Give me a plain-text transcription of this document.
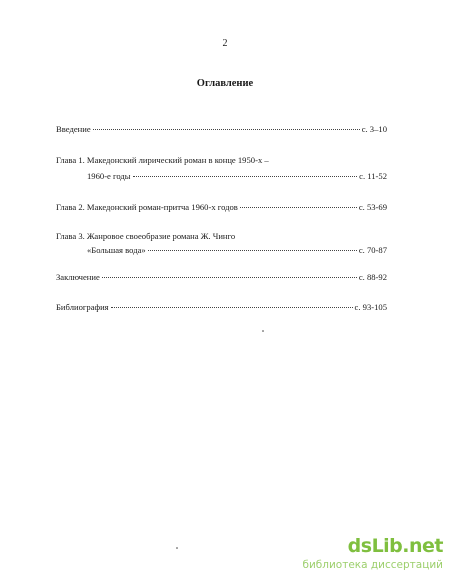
2
Оглавление
Введение	с. 3–10
Глава 1. Македонский лирический роман в конце 1950-х –
1960-е годы	с. 11-52
Глава 2. Македонский роман-притча 1960-х годов	с. 53-69
Глава 3. Жанровое своеобразие романа Ж. Чинго
«Большая вода»	с. 70-87
Заключение	с. 88-92
Библиография	с. 93-105
dsLib.net
библиотека диссертаций
